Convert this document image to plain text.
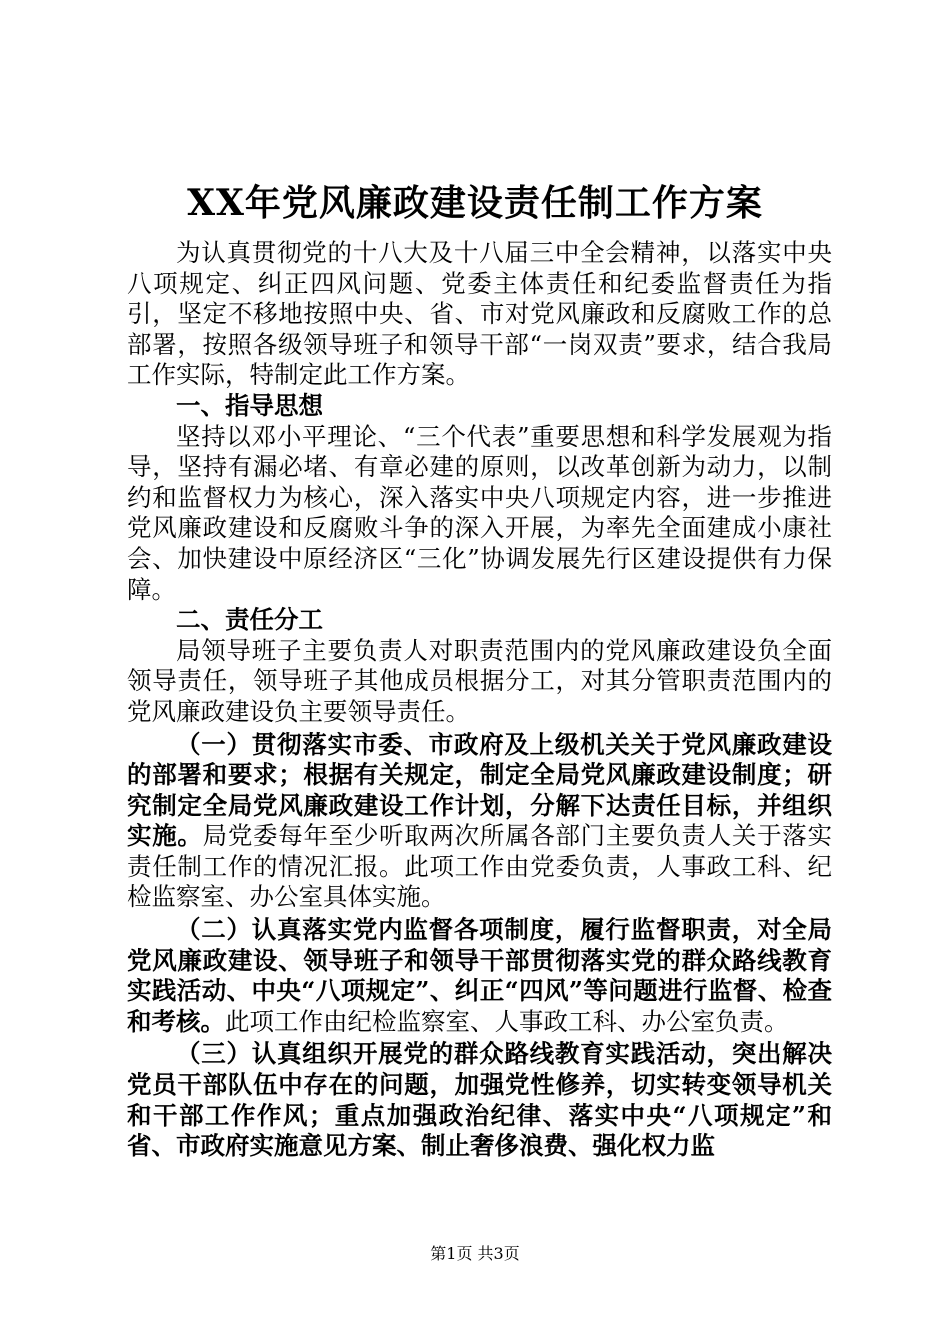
XX年党风廉政建设责任制工作方案

为认真贯彻党的十八大及十八届三中全会精神，以落实中央八项规定、纠正四风问题、党委主体责任和纪委监督责任为指引，坚定不移地按照中央、省、市对党风廉政和反腐败工作的总部署，按照各级领导班子和领导干部“一岗双责”要求，结合我局工作实际，特制定此工作方案。

一、指导思想

坚持以邓小平理论、“三个代表”重要思想和科学发展观为指导，坚持有漏必堵、有章必建的原则，以改革创新为动力，以制约和监督权力为核心，深入落实中央八项规定内容，进一步推进党风廉政建设和反腐败斗争的深入开展，为率先全面建成小康社会、加快建设中原经济区“三化”协调发展先行区建设提供有力保障。

二、责任分工

局领导班子主要负责人对职责范围内的党风廉政建设负全面领导责任，领导班子其他成员根据分工，对其分管职责范围内的党风廉政建设负主要领导责任。

（一）贯彻落实市委、市政府及上级机关关于党风廉政建设的部署和要求；根据有关规定，制定全局党风廉政建设制度；研究制定全局党风廉政建设工作计划，分解下达责任目标，并组织实施。局党委每年至少听取两次所属各部门主要负责人关于落实责任制工作的情况汇报。此项工作由党委负责，人事政工科、纪检监察室、办公室具体实施。

（二）认真落实党内监督各项制度，履行监督职责，对全局党风廉政建设、领导班子和领导干部贯彻落实党的群众路线教育实践活动、中央“八项规定”、纠正“四风”等问题进行监督、检查和考核。此项工作由纪检监察室、人事政工科、办公室负责。

（三）认真组织开展党的群众路线教育实践活动，突出解决党员干部队伍中存在的问题，加强党性修养，切实转变领导机关和干部工作作风；重点加强政治纪律、落实中央“八项规定”和省、市政府实施意见方案、制止奢侈浪费、强化权力监

第1页 共3页
